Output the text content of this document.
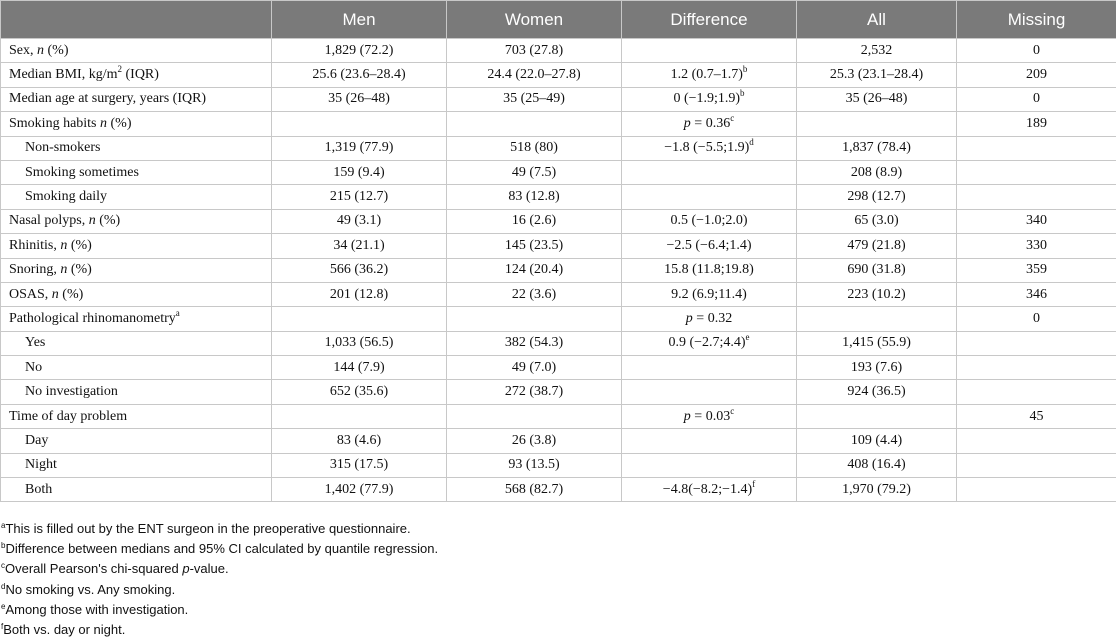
	Men	Women	Difference	All	Missing
Sex, n (%)	1,829 (72.2)	703 (27.8)		2,532	0
Median BMI, $kg/m^2$ (IQR)	25.6 (23.6–28.4)	24.4 (22.0–27.8)	1.2 $(0.7-1.7)^b$	25.3 (23.1–28.4)	209
Median age at surgery, years (IQR)	35 (26–48)	35 (25–49)	0 (−1.9;1.9)$^b$	35 (26–48)	0
Smoking habits n (%)			p = 0.36$^c$		189
Non-smokers	1,319 (77.9)	518 (80)	−1.8 (−5.5;1.9)$^d$	1,837 (78.4)	
Smoking sometimes	159 (9.4)	49 (7.5)		208 (8.9)	
Smoking daily	215 (12.7)	83 (12.8)		298 (12.7)	
Nasal polyps, n (%)	49 (3.1)	16 (2.6)	0.5 (−1.0;2.0)	65 (3.0)	340
Rhinitis, n (%)	34 (21.1)	145 (23.5)	−2.5 (−6.4;1.4)	479 (21.8)	330
Snoring, n (%)	566 (36.2)	124 (20.4)	15.8 (11.8;19.8)	690 (31.8)	359
OSAS, n (%)	201 (12.8)	22 (3.6)	9.2 (6.9;11.4)	223 (10.2)	346
Pathological rhinomanometry$^a$			p = 0.32		0
Yes	1,033 (56.5)	382 (54.3)	0.9 (−2.7;4.4)$^e$	1,415 (55.9)	
No	144 (7.9)	49 (7.0)		193 (7.6)	
No investigation	652 (35.6)	272 (38.7)		924 (36.5)	
Time of day problem			p = 0.03$^c$		45
Day	83 (4.6)	26 (3.8)		109 (4.4)	
Night	315 (17.5)	93 (13.5)		408 (16.4)	
Both	1,402 (77.9)	568 (82.7)	−4.8(−8.2;−1.4)$^f$	1,970 (79.2)	
$^a$This is filled out by the ENT surgeon in the preoperative questionnaire.
$^b$Difference between medians and 95% CI calculated by quantile regression.
$^c$Overall Pearson's chi-squared p-value.
$^d$No smoking vs. Any smoking.
$^e$Among those with investigation.
$^f$Both vs. day or night.
